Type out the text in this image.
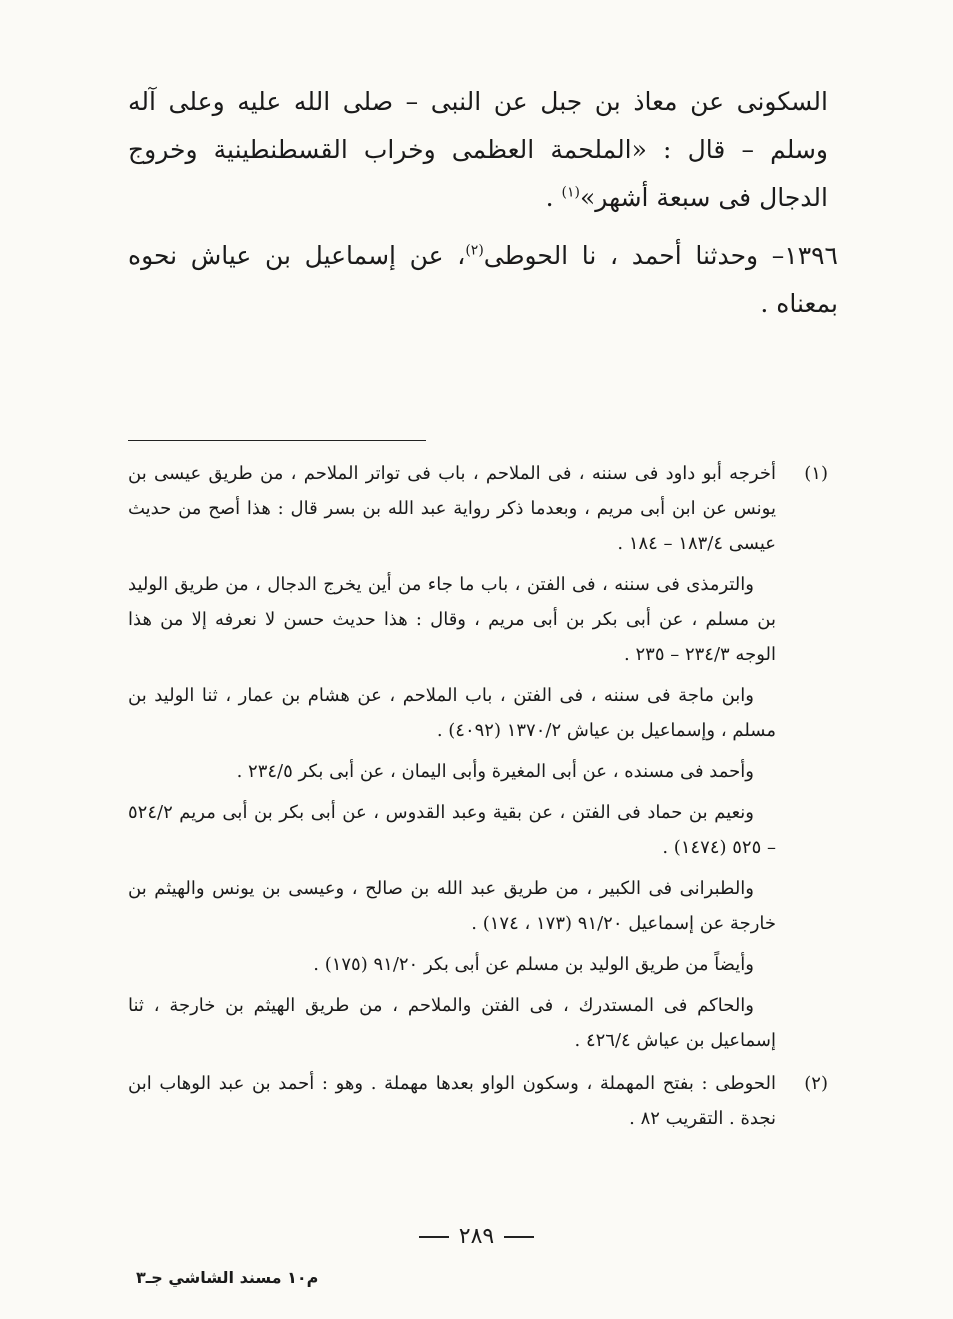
السكونى عن معاذ بن جبل عن النبى – صلى الله عليه وعلى آله وسلم – قال : «الملحمة العظمى وخراب القسطنطينية وخروج الدجال فى سبعة أشهر»$^{(١)}$ .

١٣٩٦– وحدثنا أحمد ، نا الحوطى$^{(٢)}$، عن إسماعيل بن عياش نحوه بمعناه .

(١)

أخرجه أبو داود فى سننه ، فى الملاحم ، باب فى تواتر الملاحم ، من طريق عيسى بن يونس عن ابن أبى مريم ، وبعدما ذكر رواية عبد الله بن بسر قال : هذا أصح من حديث عيسى ١٨٣/٤ – ١٨٤ .

والترمذى فى سننه ، فى الفتن ، باب ما جاء من أين يخرج الدجال ، من طريق الوليد بن مسلم ، عن أبى بكر بن أبى مريم ، وقال : هذا حديث حسن لا نعرفه إلا من هذا الوجه ٢٣٤/٣ – ٢٣٥ .

وابن ماجة فى سننه ، فى الفتن ، باب الملاحم ، عن هشام بن عمار ، ثنا الوليد بن مسلم ، وإسماعيل بن عياش ١٣٧٠/٢ (٤٠٩٢) .

وأحمد فى مسنده ، عن أبى المغيرة وأبى اليمان ، عن أبى بكر ٢٣٤/٥ .

ونعيم بن حماد فى الفتن ، عن بقية وعبد القدوس ، عن أبى بكر بن أبى مريم ٥٢٤/٢ – ٥٢٥ (١٤٧٤) .

والطبرانى فى الكبير ، من طريق عبد الله بن صالح ، وعيسى بن يونس والهيثم بن خارجة عن إسماعيل ٩١/٢٠ (١٧٣ ، ١٧٤) .

وأيضاً من طريق الوليد بن مسلم عن أبى بكر ٩١/٢٠ (١٧٥) .

والحاكم فى المستدرك ، فى الفتن والملاحم ، من طريق الهيثم بن خارجة ، ثنا إسماعيل بن عياش ٤٢٦/٤ .

(٢)

الحوطى : بفتح المهملة ، وسكون الواو بعدها مهملة . وهو : أحمد بن عبد الوهاب ابن نجدة . التقريب ٨٢ .

٢٨٩
م١٠ مسند الشاشي جـ٣
